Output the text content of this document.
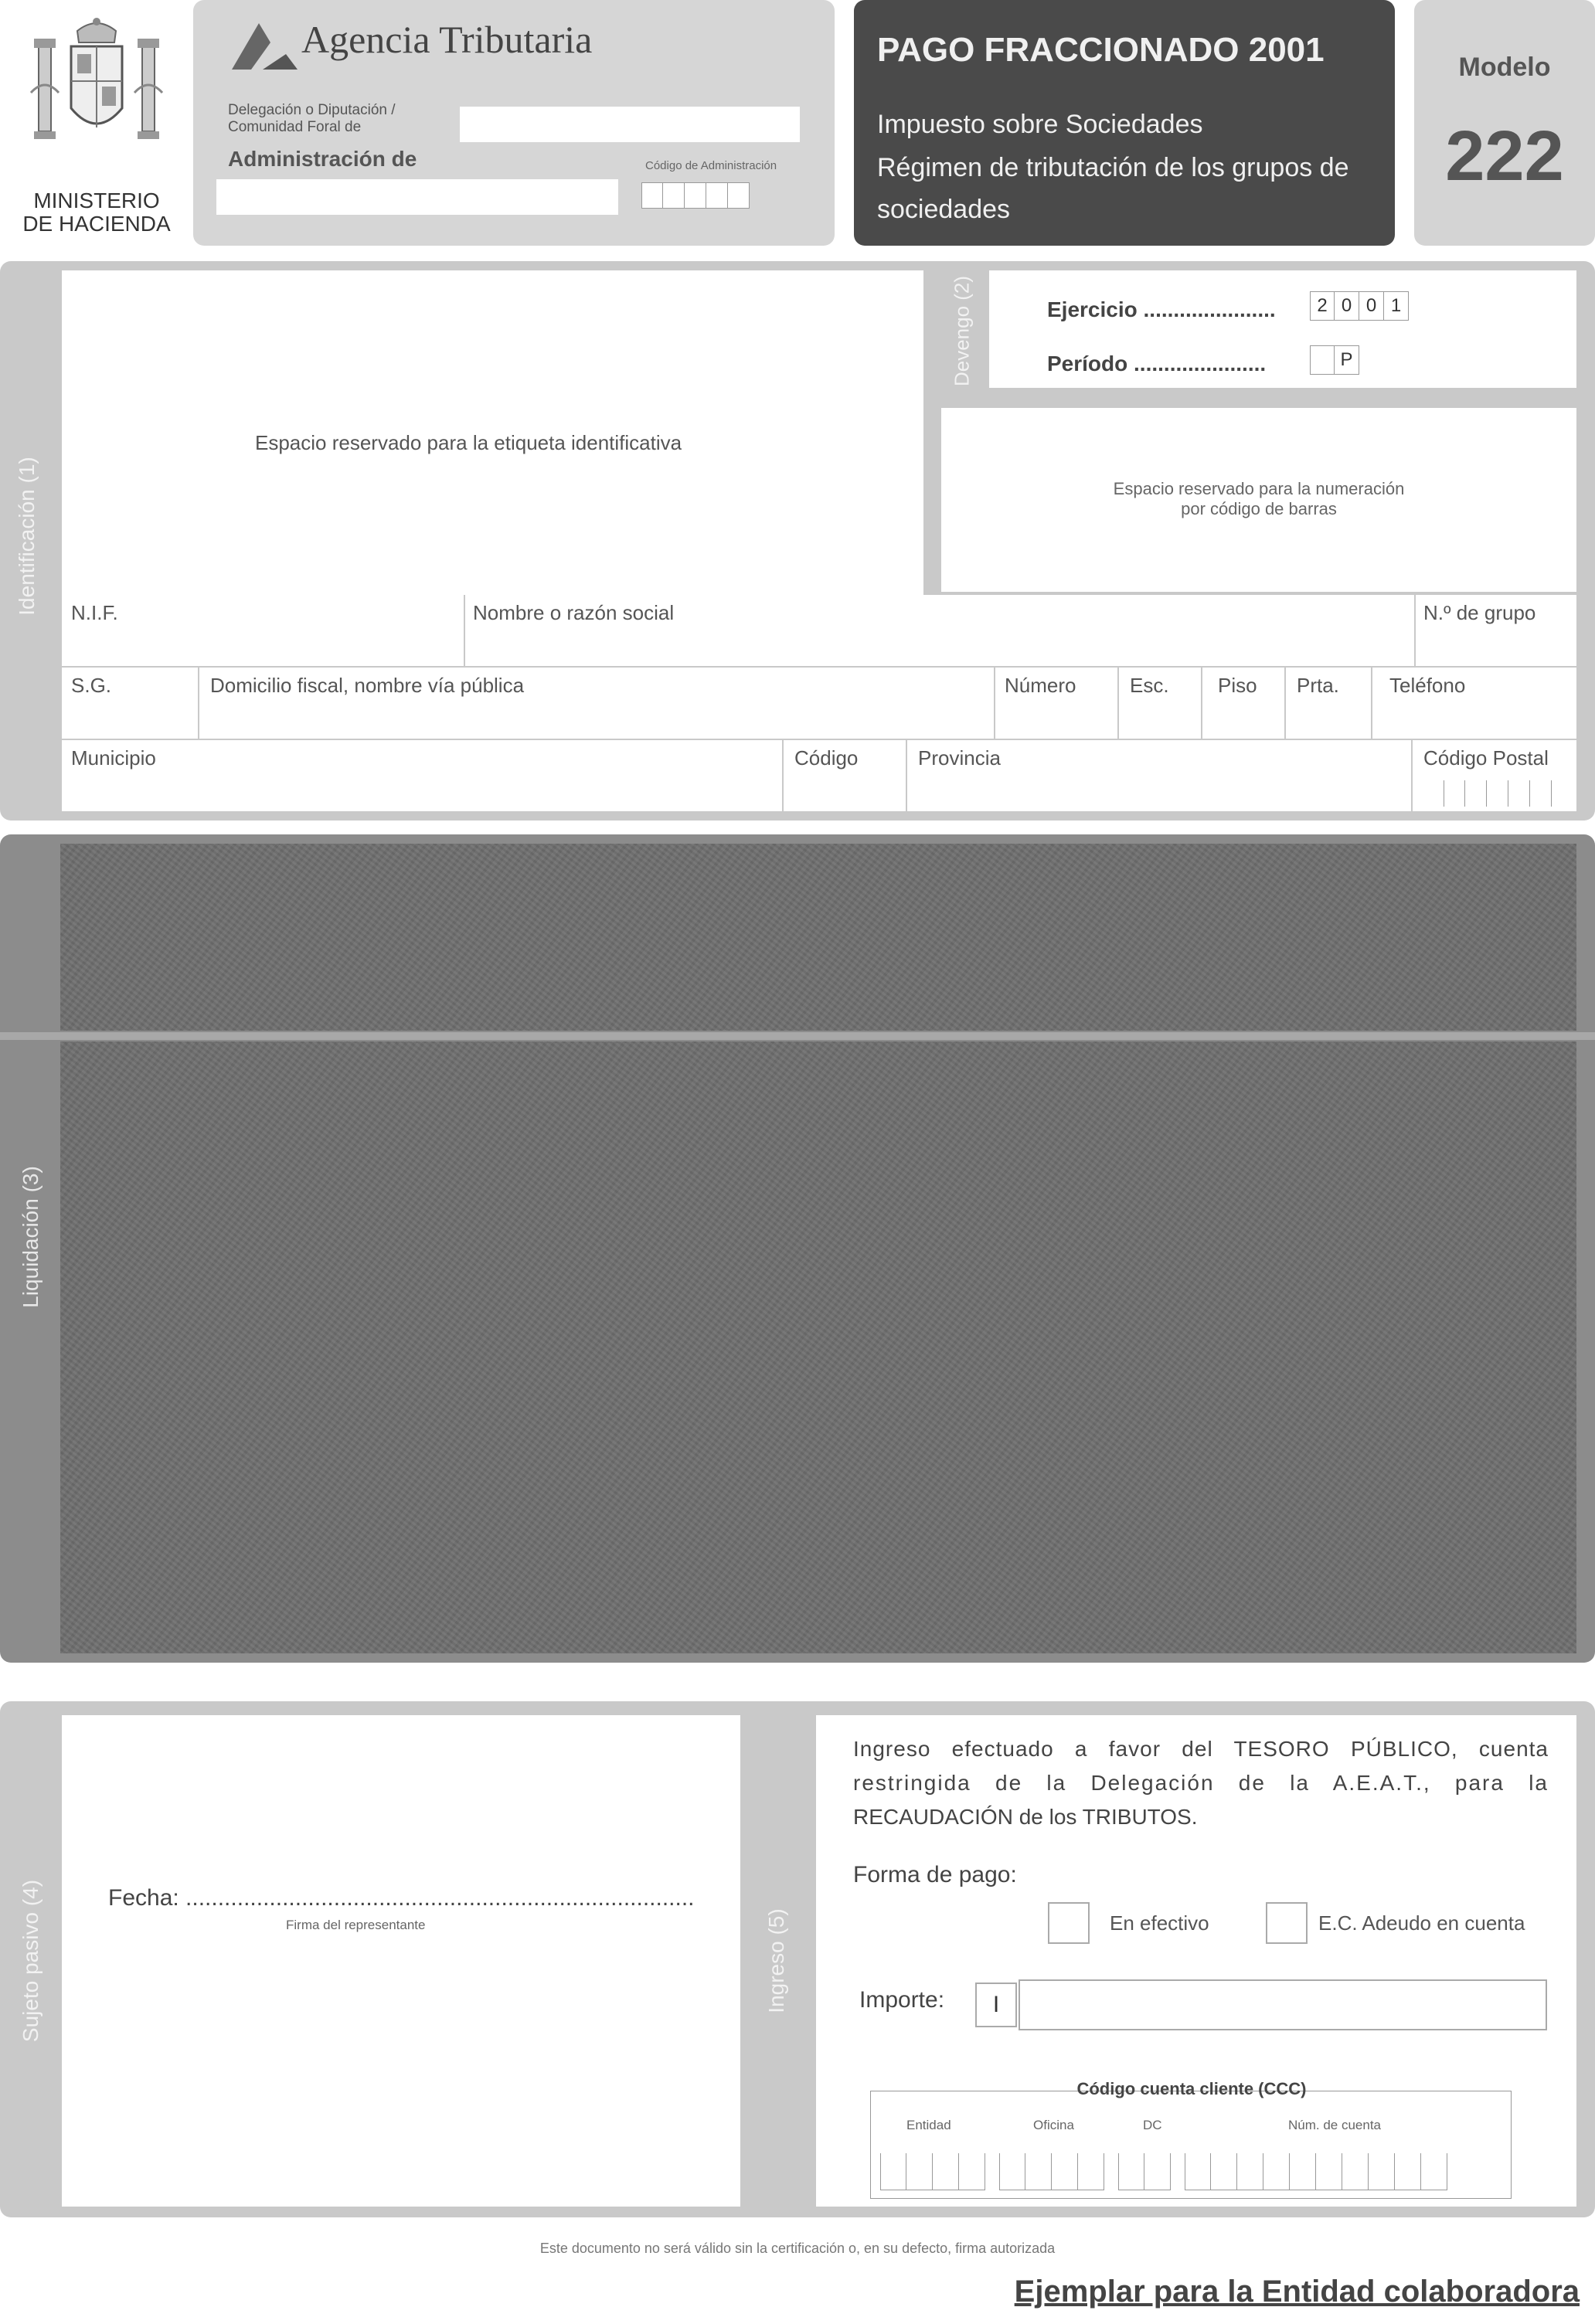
MINISTERIO
DE HACIENDA
Agencia Tributaria
Delegación o Diputación /
Comunidad Foral de
Administración de	Código de Administración
PAGO FRACCIONADO 2001
Impuesto sobre Sociedades
Régimen de tributación de los grupos de
sociedades
Modelo
222
Identificación (1)
Espacio reservado para la etiqueta identificativa
Devengo (2)	Ejercicio ......................	2 0 0 1
Período ......................	P
Espacio reservado para la numeración
por código de barras
N.I.F.	Nombre o razón social	N.º de grupo
S.G.	Domicilio fiscal, nombre vía pública	Número	Esc. Piso Prta.	Teléfono
Municipio	Código	Provincia	Código Postal
Liquidación (3)
Sujeto pasivo (4)	Fecha: ...............................................................................
Firma del representante	Ingreso (5)
Ingreso efectuado a favor del TESORO PÚBLICO, cuenta
restringida de la Delegación de la A.E.A.T., para la
RECAUDACIÓN de los TRIBUTOS.
Forma de pago:
En efectivo	E.C. Adeudo en cuenta
Importe:	I
Código cuenta cliente (CCC)
Entidad	Oficina	DC	Núm. de cuenta
Este documento no será válido sin la certificación o, en su defecto, firma autorizada
Ejemplar para la Entidad colaboradora
